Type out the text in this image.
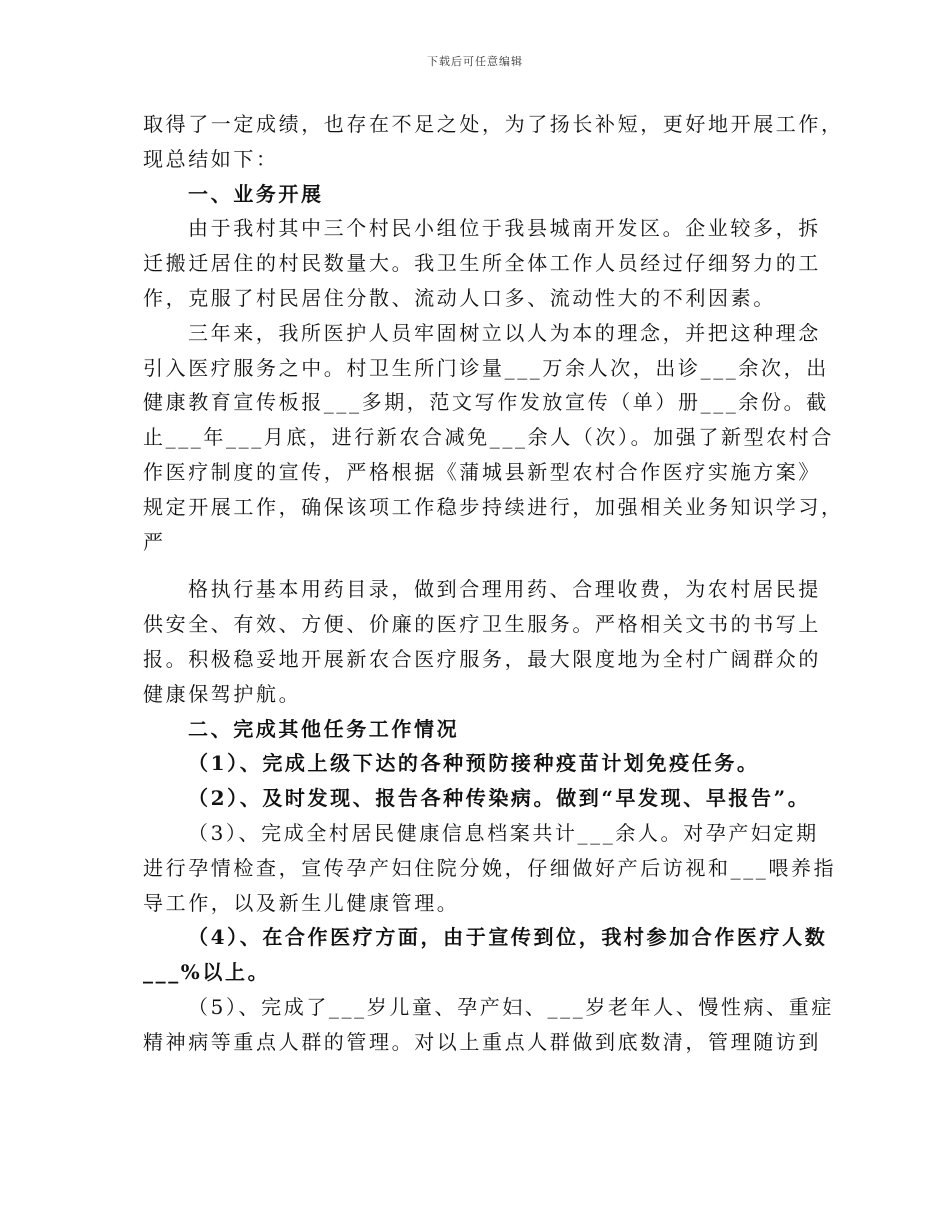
下载后可任意编辑
取得了一定成绩，也存在不足之处，为了扬长补短，更好地开展工作，
现总结如下：
一、业务开展
由于我村其中三个村民小组位于我县城南开发区。企业较多，拆
迁搬迁居住的村民数量大。我卫生所全体工作人员经过仔细努力的工
作，克服了村民居住分散、流动人口多、流动性大的不利因素。
三年来，我所医护人员牢固树立以人为本的理念，并把这种理念
引入医疗服务之中。村卫生所门诊量___万余人次，出诊___余次，出
健康教育宣传板报___多期，范文写作发放宣传（单）册___余份。截
止___年___月底，进行新农合减免___余人（次）。加强了新型农村合
作医疗制度的宣传，严格根据《蒲城县新型农村合作医疗实施方案》
规定开展工作，确保该项工作稳步持续进行，加强相关业务知识学习，
严
格执行基本用药目录，做到合理用药、合理收费，为农村居民提
供安全、有效、方便、价廉的医疗卫生服务。严格相关文书的书写上
报。积极稳妥地开展新农合医疗服务，最大限度地为全村广阔群众的
健康保驾护航。
二、完成其他任务工作情况
（1）、完成上级下达的各种预防接种疫苗计划免疫任务。
（2）、及时发现、报告各种传染病。做到“早发现、早报告”。
（3）、完成全村居民健康信息档案共计___余人。对孕产妇定期
进行孕情检查，宣传孕产妇住院分娩，仔细做好产后访视和___喂养指
导工作，以及新生儿健康管理。
（4）、在合作医疗方面，由于宣传到位，我村参加合作医疗人数
___%以上。
（5）、完成了___岁儿童、孕产妇、___岁老年人、慢性病、重症
精神病等重点人群的管理。对以上重点人群做到底数清，管理随访到
